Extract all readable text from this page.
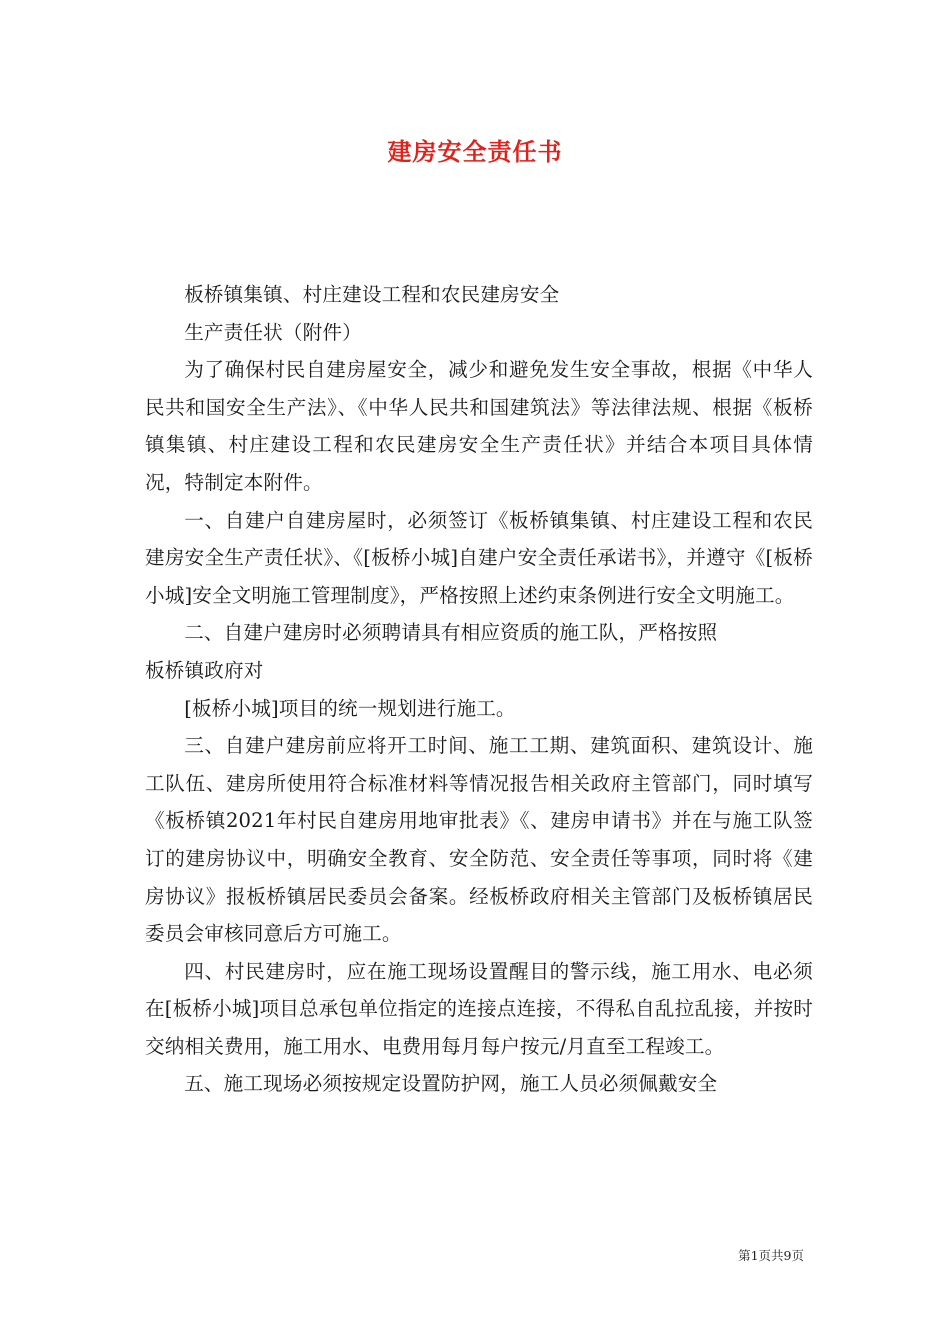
建房安全责任书

板桥镇集镇、村庄建设工程和农民建房安全

生产责任状（附件）

为了确保村民自建房屋安全，减少和避免发生安全事故，根据《中华人民共和国安全生产法》、《中华人民共和国建筑法》等法律法规、根据《板桥镇集镇、村庄建设工程和农民建房安全生产责任状》并结合本项目具体情况，特制定本附件。

一、自建户自建房屋时，必须签订《板桥镇集镇、村庄建设工程和农民建房安全生产责任状》、《[板桥小城]自建户安全责任承诺书》，并遵守《[板桥小城]安全文明施工管理制度》，严格按照上述约束条例进行安全文明施工。

二、自建户建房时必须聘请具有相应资质的施工队，严格按照

板桥镇政府对

[板桥小城]项目的统一规划进行施工。

三、自建户建房前应将开工时间、施工工期、建筑面积、建筑设计、施工队伍、建房所使用符合标准材料等情况报告相关政府主管部门，同时填写《板桥镇2021年村民自建房用地审批表》《、建房申请书》并在与施工队签订的建房协议中，明确安全教育、安全防范、安全责任等事项，同时将《建房协议》报板桥镇居民委员会备案。经板桥政府相关主管部门及板桥镇居民委员会审核同意后方可施工。

四、村民建房时，应在施工现场设置醒目的警示线，施工用水、电必须在[板桥小城]项目总承包单位指定的连接点连接，不得私自乱拉乱接，并按时交纳相关费用，施工用水、电费用每月每户按元/月直至工程竣工。

五、施工现场必须按规定设置防护网，施工人员必须佩戴安全

第1页共9页
